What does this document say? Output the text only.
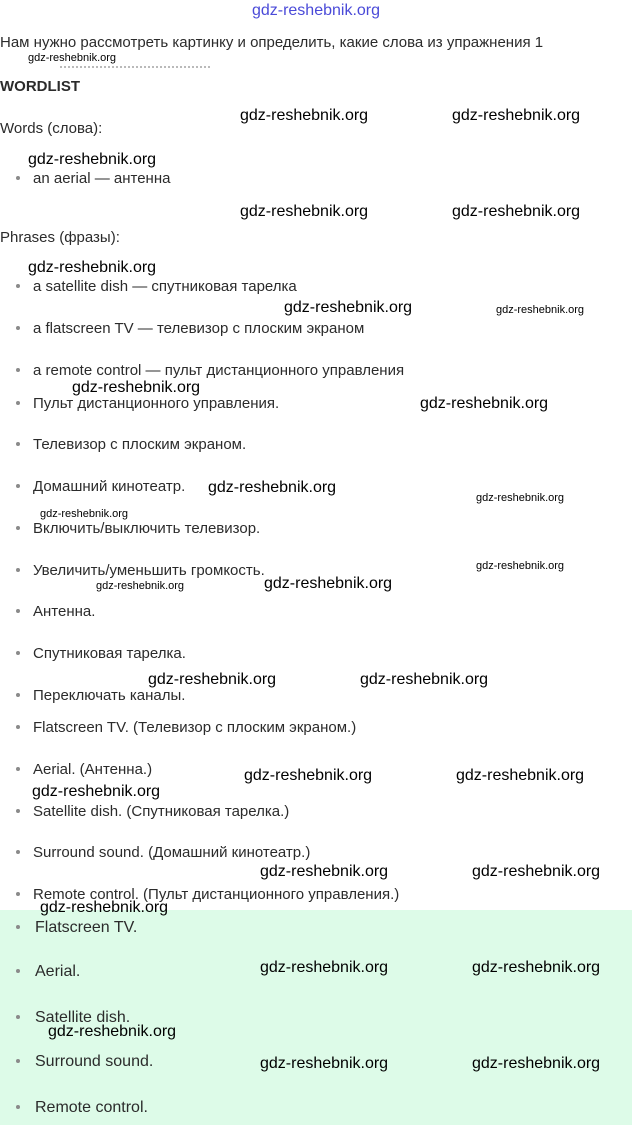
gdz-reshebnik.org
Нам нужно рассмотреть картинку и определить, какие слова из упражнения 1
WORDLIST
Words (слова):
an aerial — антенна
Phrases (фразы):
a satellite dish — спутниковая тарелка
a flatscreen TV — телевизор с плоским экраном
a remote control — пульт дистанционного управления
Пульт дистанционного управления.
Телевизор с плоским экраном.
Домашний кинотеатр.
Включить/выключить телевизор.
Увеличить/уменьшить громкость.
Антенна.
Спутниковая тарелка.
Переключать каналы.
Flatscreen TV. (Телевизор с плоским экраном.)
Aerial. (Антенна.)
Satellite dish. (Спутниковая тарелка.)
Surround sound. (Домашний кинотеатр.)
Remote control. (Пульт дистанционного управления.)
Flatscreen TV.
Aerial.
Satellite dish.
Surround sound.
Remote control.
gdz-reshebnik.org
gdz-reshebnik.org	gdz-reshebnik.org
gdz-reshebnik.org
gdz-reshebnik.org	gdz-reshebnik.org
gdz-reshebnik.org
gdz-reshebnik.org	gdz-reshebnik.org
gdz-reshebnik.org
gdz-reshebnik.org
gdz-reshebnik.org
gdz-reshebnik.org
gdz-reshebnik.org
gdz-reshebnik.org
gdz-reshebnik.org	gdz-reshebnik.org
gdz-reshebnik.org	gdz-reshebnik.org
gdz-reshebnik.org	gdz-reshebnik.org
gdz-reshebnik.org
gdz-reshebnik.org	gdz-reshebnik.org
gdz-reshebnik.org
gdz-reshebnik.org	gdz-reshebnik.org
gdz-reshebnik.org
gdz-reshebnik.org	gdz-reshebnik.org
